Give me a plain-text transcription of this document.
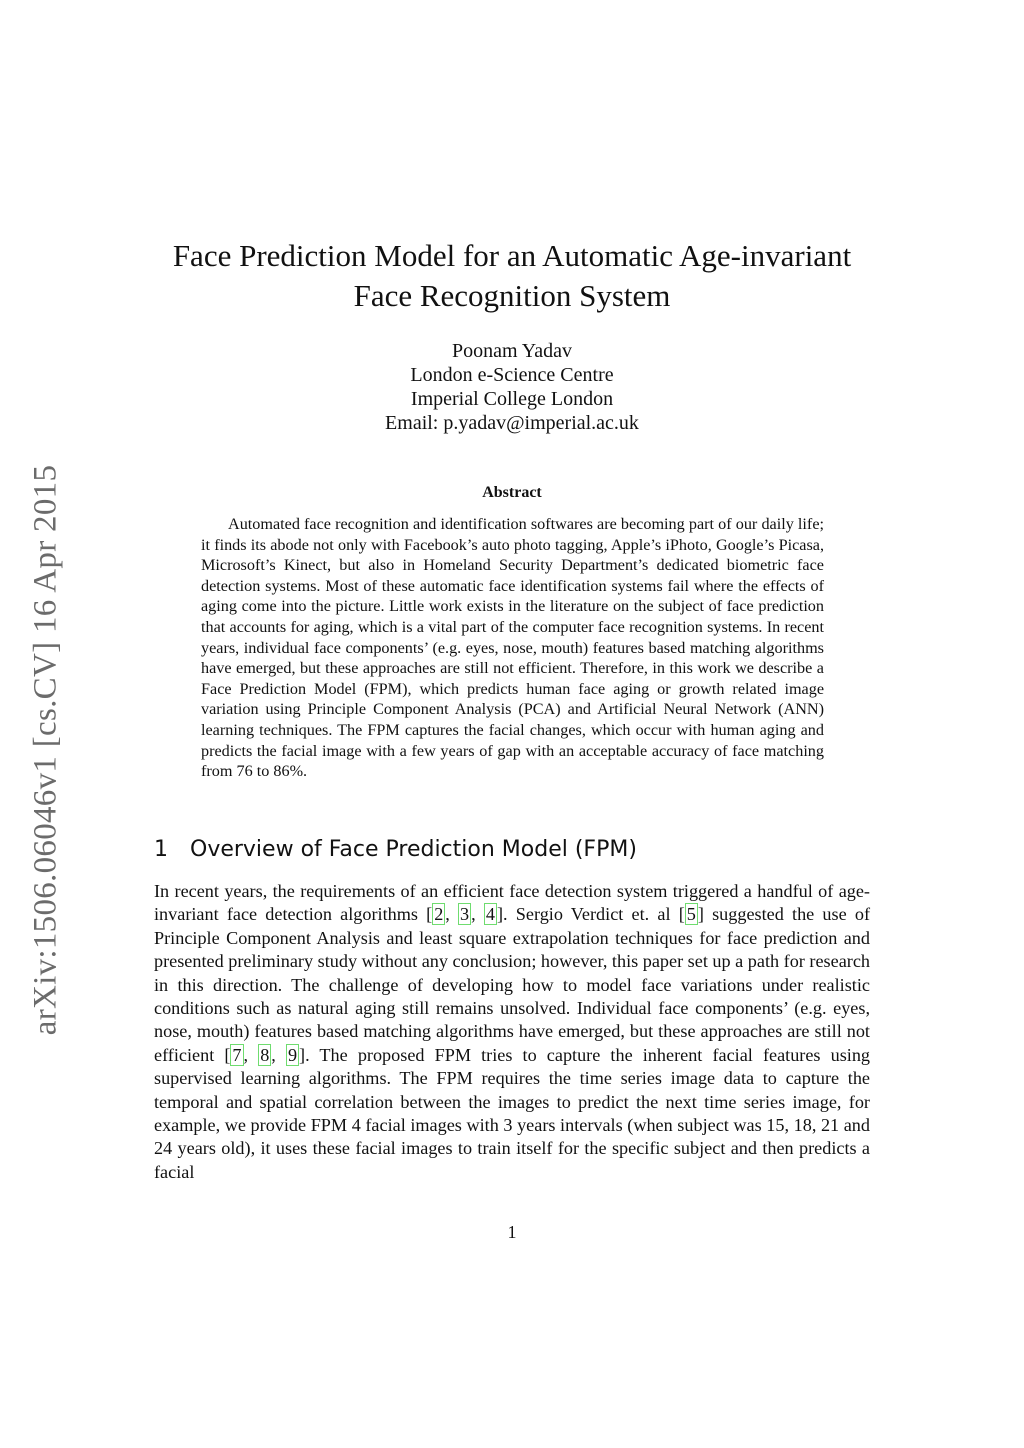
arXiv:1506.06046v1 [cs.CV] 16 Apr 2015
Face Prediction Model for an Automatic Age-invariant Face Recognition System
Poonam Yadav
London e-Science Centre
Imperial College London
Email: p.yadav@imperial.ac.uk
Abstract

Automated face recognition and identification softwares are becoming part of our daily life; it finds its abode not only with Facebook’s auto photo tagging, Apple’s iPhoto, Google’s Picasa, Microsoft’s Kinect, but also in Homeland Security Department’s dedicated biometric face detection systems. Most of these automatic face identification systems fail where the effects of aging come into the picture. Little work exists in the literature on the subject of face prediction that accounts for aging, which is a vital part of the computer face recognition systems. In recent years, individual face components’ (e.g. eyes, nose, mouth) features based matching algorithms have emerged, but these approaches are still not efficient. Therefore, in this work we describe a Face Prediction Model (FPM), which predicts human face aging or growth related image variation using Principle Component Analysis (PCA) and Artificial Neural Network (ANN) learning techniques. The FPM captures the facial changes, which occur with human aging and predicts the facial image with a few years of gap with an acceptable accuracy of face matching from 76 to 86%.

1 Overview of Face Prediction Model (FPM)

In recent years, the requirements of an efficient face detection system triggered a handful of age-invariant face detection algorithms [ 2 , 3 , 4 ]. Sergio Verdict et. al [ 5 ] suggested the use of Principle Component Analysis and least square extrapolation techniques for face prediction and presented preliminary study without any conclusion; however, this paper set up a path for research in this direction. The challenge of developing how to model face variations under realistic conditions such as natural aging still remains unsolved. Individual face components’ (e.g. eyes, nose, mouth) features based matching algorithms have emerged, but these approaches are still not efficient [ 7 , 8 , 9 ]. The proposed FPM tries to capture the inherent facial features using supervised learning algorithms. The FPM requires the time series image data to capture the temporal and spatial correlation between the images to predict the next time series image, for example, we provide FPM 4 facial images with 3 years intervals (when subject was 15, 18, 21 and 24 years old), it uses these facial images to train itself for the specific subject and then predicts a facial

1
